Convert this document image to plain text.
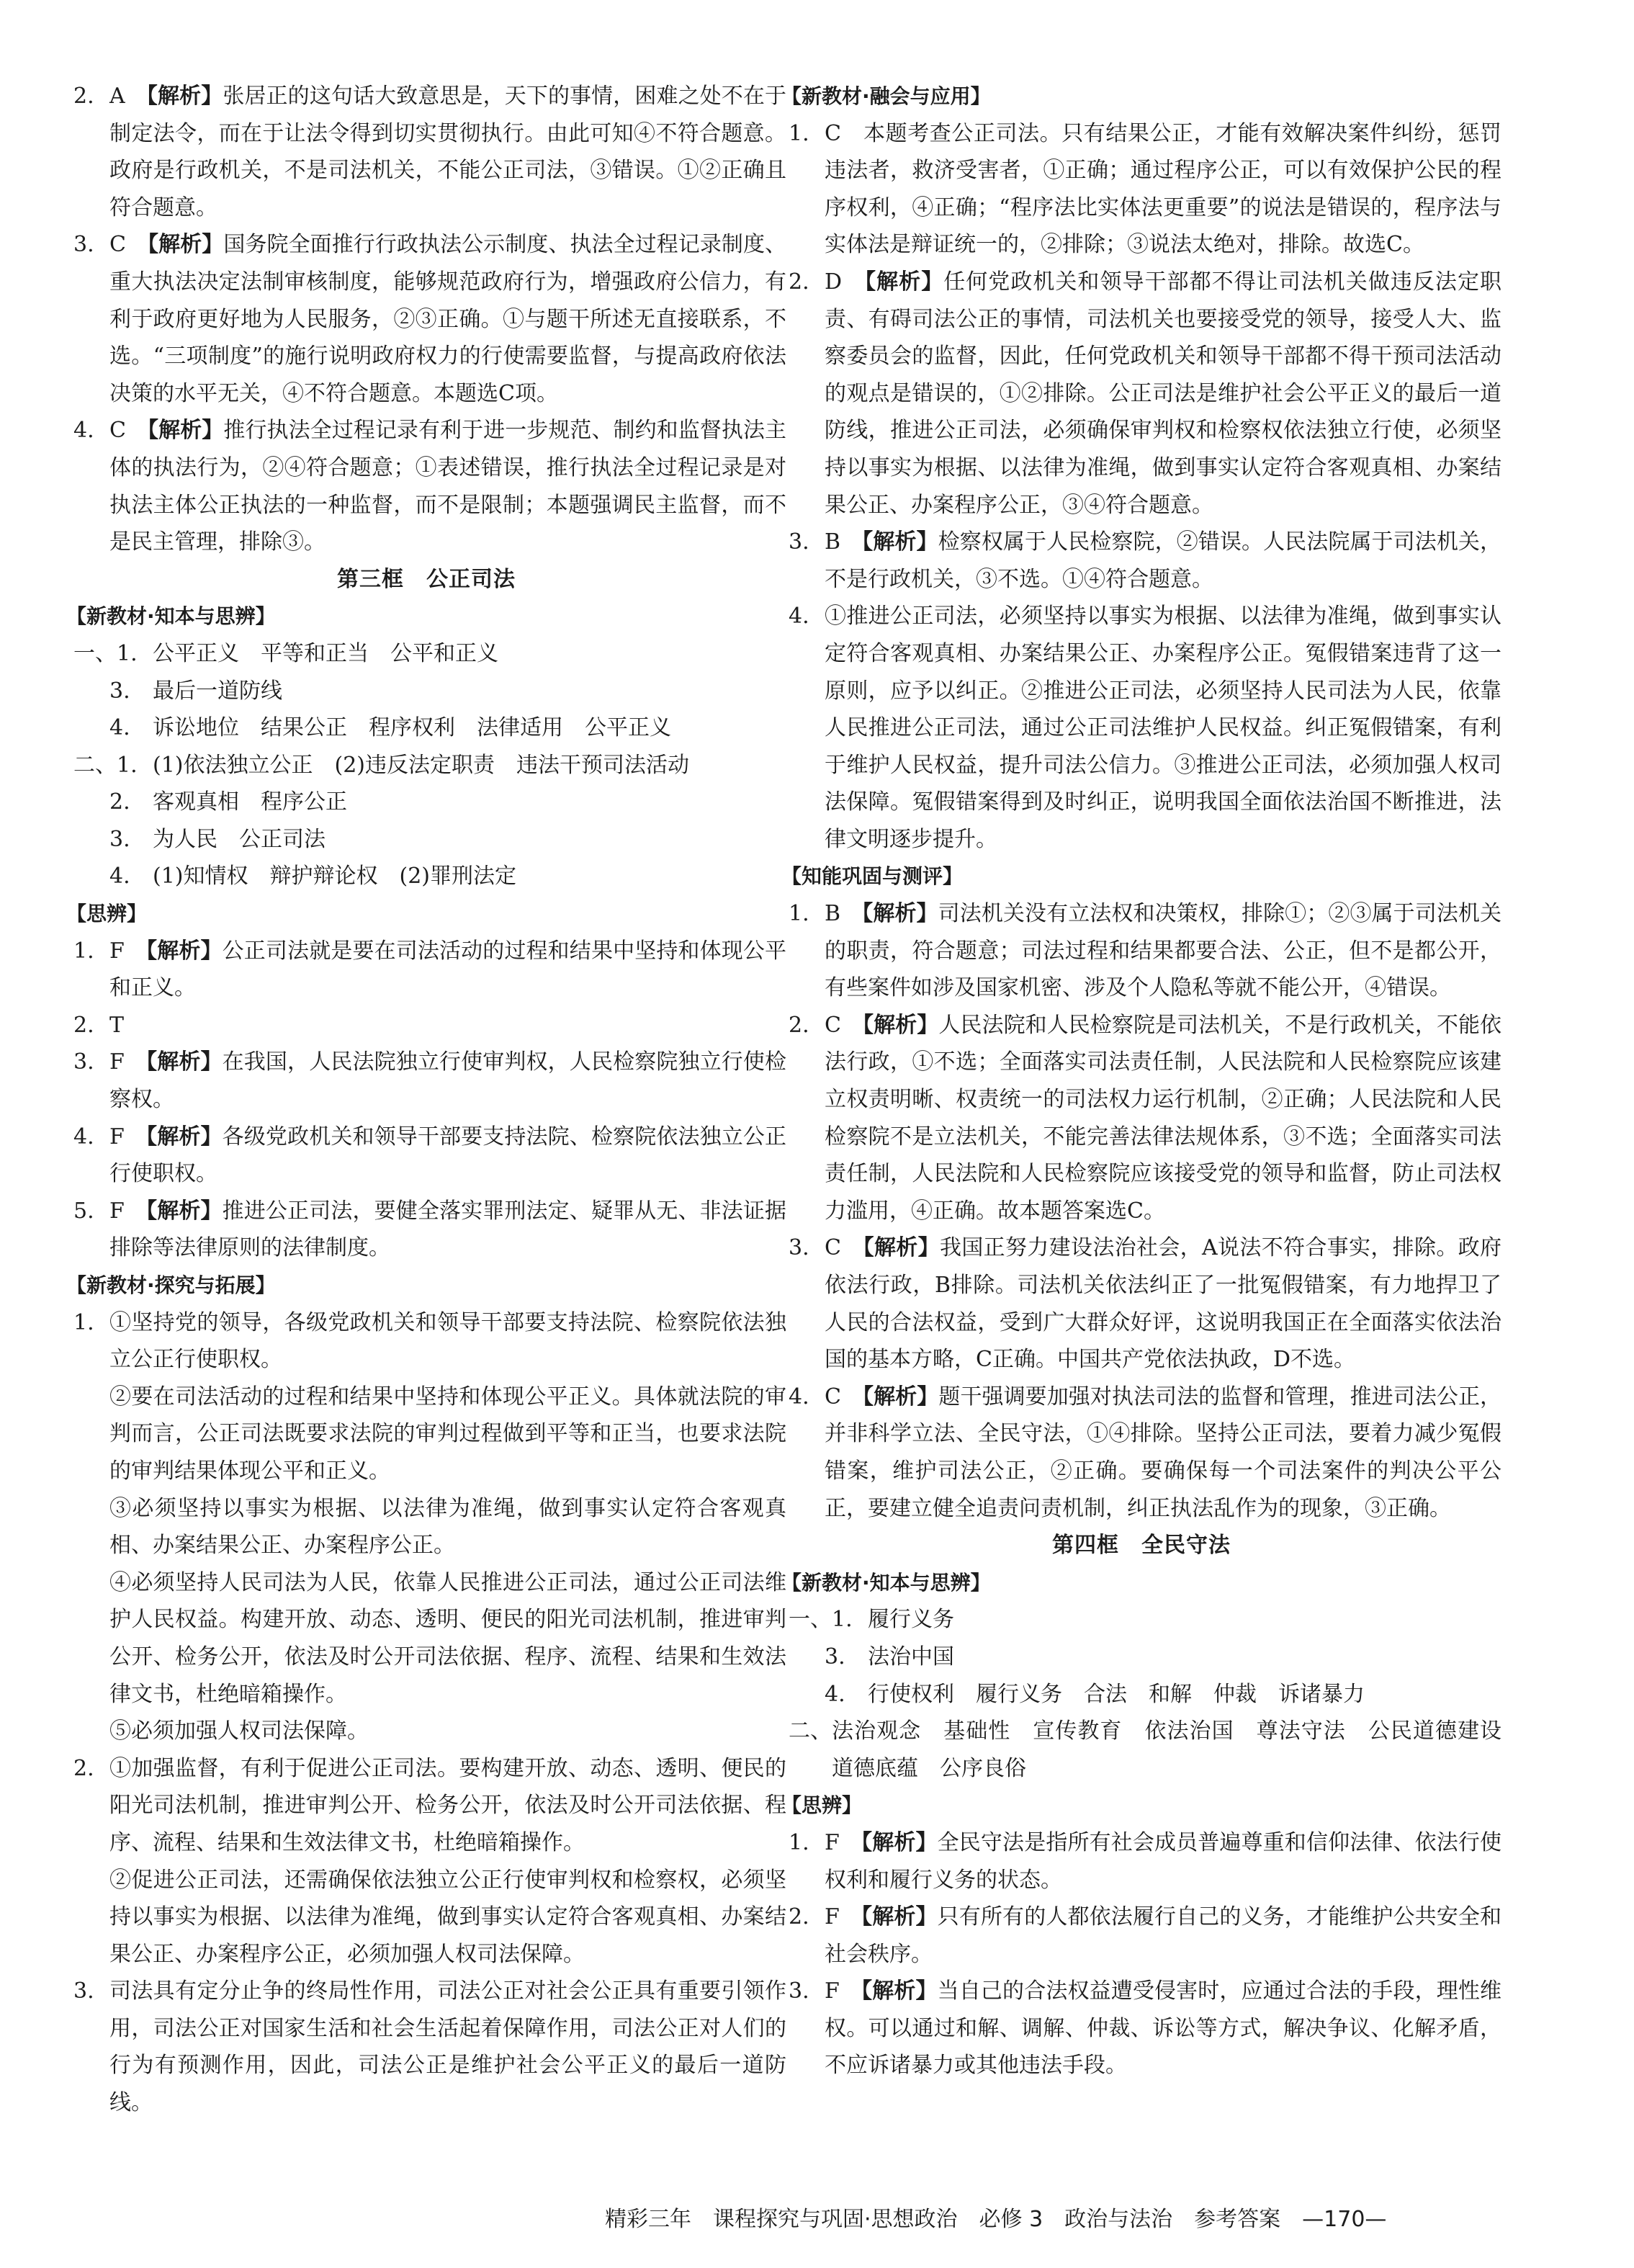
2. A　 【解析】张居正的这句话大致意思是，天下的事情，困难之处不在于制定法令，而在于让法令得到切实贯彻执行。由此可知④不符合题意。政府是行政机关，不是司法机关，不能公正司法，③错误。①②正确且符合题意。
3. C　 【解析】国务院全面推行行政执法公示制度、执法全过程记录制度、重大执法决定法制审核制度，能够规范政府行为，增强政府公信力，有利于政府更好地为人民服务，②③正确。①与题干所述无直接联系，不选。“三项制度”的施行说明政府权力的行使需要监督，与提高政府依法决策的水平无关，④不符合题意。本题选C项。
4. C　 【解析】推行执法全过程记录有利于进一步规范、制约和监督执法主体的执法行为，②④符合题意；①表述错误，推行执法全过程记录是对执法主体公正执法的一种监督，而不是限制；本题强调民主监督，而不是民主管理，排除③。

第三框　公正司法

【新教材·知本与思辨】

一、1. 公平正义　平等和正当　公平和正义
3.	最后一道防线
4.	诉讼地位　结果公正　程序权利　法律适用　公平正义
二、1. (1)依法独立公正　(2)违反法定职责　违法干预司法活动
2.	客观真相　程序公正
3.	为人民　公正司法
4.	(1)知情权　辩护辩论权　(2)罪刑法定

【思辨】

1. F　 【解析】公正司法就是要在司法活动的过程和结果中坚持和体现公平和正义。
2. T
3. F　 【解析】在我国，人民法院独立行使审判权，人民检察院独立行使检察权。
4. F　 【解析】各级党政机关和领导干部要支持法院、检察院依法独立公正行使职权。
5. F　 【解析】推进公正司法，要健全落实罪刑法定、疑罪从无、非法证据排除等法律原则的法律制度。

【新教材·探究与拓展】

1. ①坚持党的领导，各级党政机关和领导干部要支持法院、检察院依法独立公正行使职权。
②要在司法活动的过程和结果中坚持和体现公平正义。具体就法院的审判而言，公正司法既要求法院的审判过程做到平等和正当，也要求法院的审判结果体现公平和正义。
③必须坚持以事实为根据、以法律为准绳，做到事实认定符合客观真相、办案结果公正、办案程序公正。
④必须坚持人民司法为人民，依靠人民推进公正司法，通过公正司法维护人民权益。构建开放、动态、透明、便民的阳光司法机制，推进审判公开、检务公开，依法及时公开司法依据、程序、流程、结果和生效法律文书，杜绝暗箱操作。
⑤必须加强人权司法保障。
2. ①加强监督，有利于促进公正司法。要构建开放、动态、透明、便民的阳光司法机制，推进审判公开、检务公开，依法及时公开司法依据、程序、流程、结果和生效法律文书，杜绝暗箱操作。
②促进公正司法，还需确保依法独立公正行使审判权和检察权，必须坚持以事实为根据、以法律为准绳，做到事实认定符合客观真相、办案结果公正、办案程序公正，必须加强人权司法保障。
3. 司法具有定分止争的终局性作用，司法公正对社会公正具有重要引领作用，司法公正对国家生活和社会生活起着保障作用，司法公正对人们的行为有预测作用，因此，司法公正是维护社会公平正义的最后一道防线。

【新教材·融会与应用】

1. C　 本题考查公正司法。只有结果公正，才能有效解决案件纠纷，惩罚违法者，救济受害者，①正确；通过程序公正，可以有效保护公民的程序权利，④正确；“程序法比实体法更重要”的说法是错误的，程序法与实体法是辩证统一的，②排除；③说法太绝对，排除。故选C。
2. D　 【解析】任何党政机关和领导干部都不得让司法机关做违反法定职责、有碍司法公正的事情，司法机关也要接受党的领导，接受人大、监察委员会的监督，因此，任何党政机关和领导干部都不得干预司法活动的观点是错误的，①②排除。公正司法是维护社会公平正义的最后一道防线，推进公正司法，必须确保审判权和检察权依法独立行使，必须坚持以事实为根据、以法律为准绳，做到事实认定符合客观真相、办案结果公正、办案程序公正，③④符合题意。
3. B　 【解析】检察权属于人民检察院，②错误。人民法院属于司法机关，不是行政机关，③不选。①④符合题意。
4. ①推进公正司法，必须坚持以事实为根据、以法律为准绳，做到事实认定符合客观真相、办案结果公正、办案程序公正。冤假错案违背了这一原则，应予以纠正。②推进公正司法，必须坚持人民司法为人民，依靠人民推进公正司法，通过公正司法维护人民权益。纠正冤假错案，有利于维护人民权益，提升司法公信力。③推进公正司法，必须加强人权司法保障。冤假错案得到及时纠正，说明我国全面依法治国不断推进，法律文明逐步提升。

【知能巩固与测评】

1. B　 【解析】司法机关没有立法权和决策权，排除①；②③属于司法机关的职责，符合题意；司法过程和结果都要合法、公正，但不是都公开，有些案件如涉及国家机密、涉及个人隐私等就不能公开，④错误。
2. C　 【解析】人民法院和人民检察院是司法机关，不是行政机关，不能依法行政，①不选；全面落实司法责任制，人民法院和人民检察院应该建立权责明晰、权责统一的司法权力运行机制，②正确；人民法院和人民检察院不是立法机关，不能完善法律法规体系，③不选；全面落实司法责任制，人民法院和人民检察院应该接受党的领导和监督，防止司法权力滥用，④正确。故本题答案选C。
3. C　 【解析】我国正努力建设法治社会，A说法不符合事实，排除。政府依法行政，B排除。司法机关依法纠正了一批冤假错案，有力地捍卫了人民的合法权益，受到广大群众好评，这说明我国正在全面落实依法治国的基本方略，C正确。中国共产党依法执政，D不选。
4. C　 【解析】题干强调要加强对执法司法的监督和管理，推进司法公正，并非科学立法、全民守法，①④排除。坚持公正司法，要着力减少冤假错案，维护司法公正，②正确。要确保每一个司法案件的判决公平公正，要建立健全追责问责机制，纠正执法乱作为的现象，③正确。

第四框　全民守法

【新教材·知本与思辨】

一、1. 履行义务
3.	法治中国
4.	行使权利　履行义务　合法　和解　仲裁　诉诸暴力
二、 法治观念　基础性　宣传教育　依法治国　尊法守法　公民道德建设　道德底蕴　公序良俗

【思辨】

1. F　 【解析】全民守法是指所有社会成员普遍尊重和信仰法律、依法行使权利和履行义务的状态。
2. F　 【解析】只有所有的人都依法履行自己的义务，才能维护公共安全和社会秩序。
3. F　 【解析】当自己的合法权益遭受侵害时，应通过合法的手段，理性维权。可以通过和解、调解、仲裁、诉讼等方式，解决争议、化解矛盾，不应诉诸暴力或其他违法手段。
精彩三年　课程探究与巩固·思想政治　必修 3　政治与法治　参考答案　—170—
